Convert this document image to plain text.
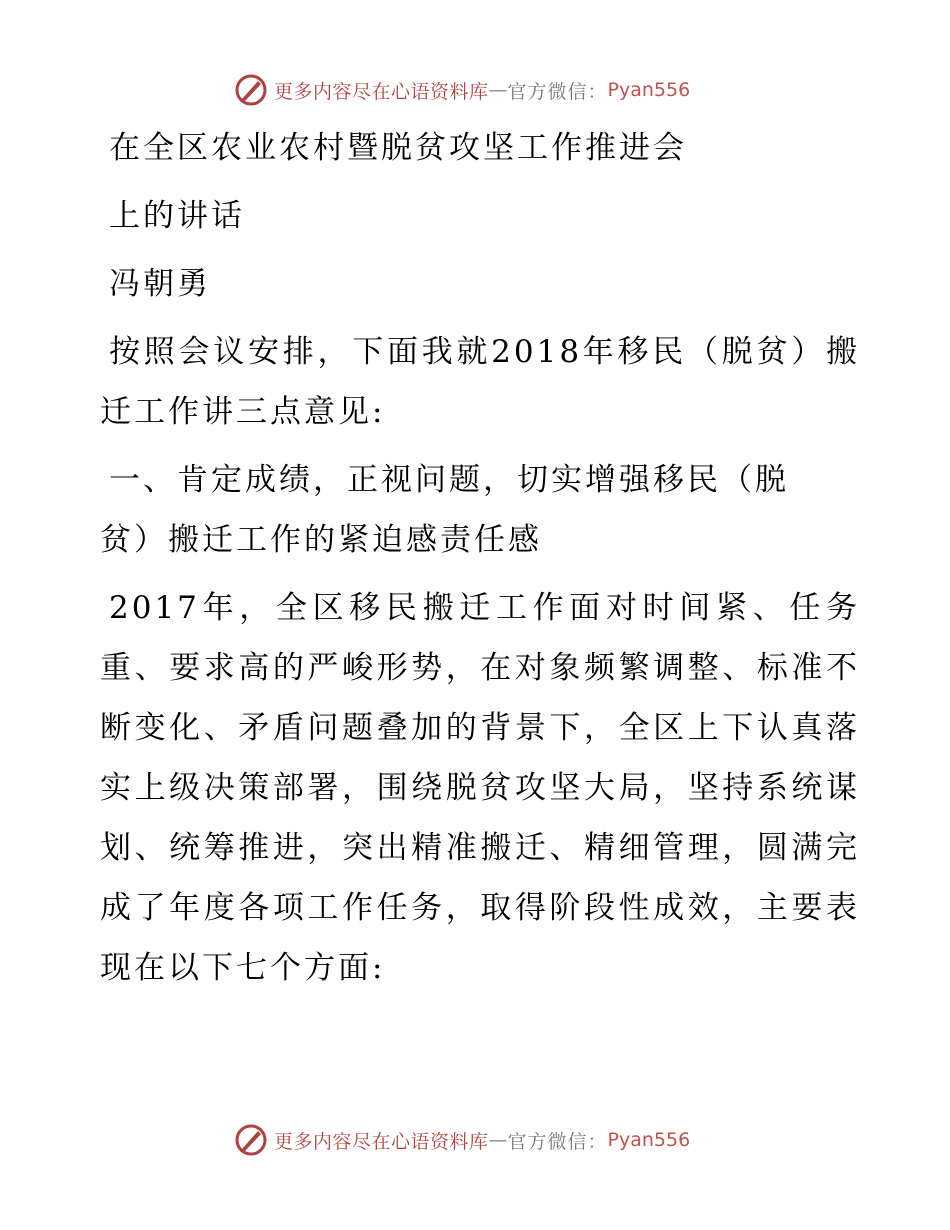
更多内容尽在心语资料库 — 官方微信： Pyan556

在全区农业农村暨脱贫攻坚工作推进会

上的讲话

冯朝勇

按照会议安排，下面我就2018年移民（脱贫）搬迁工作讲三点意见:

一、肯定成绩，正视问题，切实增强移民（脱贫）搬迁工作的紧迫感责任感

2017年，全区移民搬迁工作面对时间紧、任务重、要求高的严峻形势，在对象频繁调整、标准不断变化、矛盾问题叠加的背景下，全区上下认真落实上级决策部署，围绕脱贫攻坚大局，坚持系统谋划、统筹推进，突出精准搬迁、精细管理，圆满完成了年度各项工作任务，取得阶段性成效，主要表现在以下七个方面:

更多内容尽在心语资料库 — 官方微信： Pyan556
